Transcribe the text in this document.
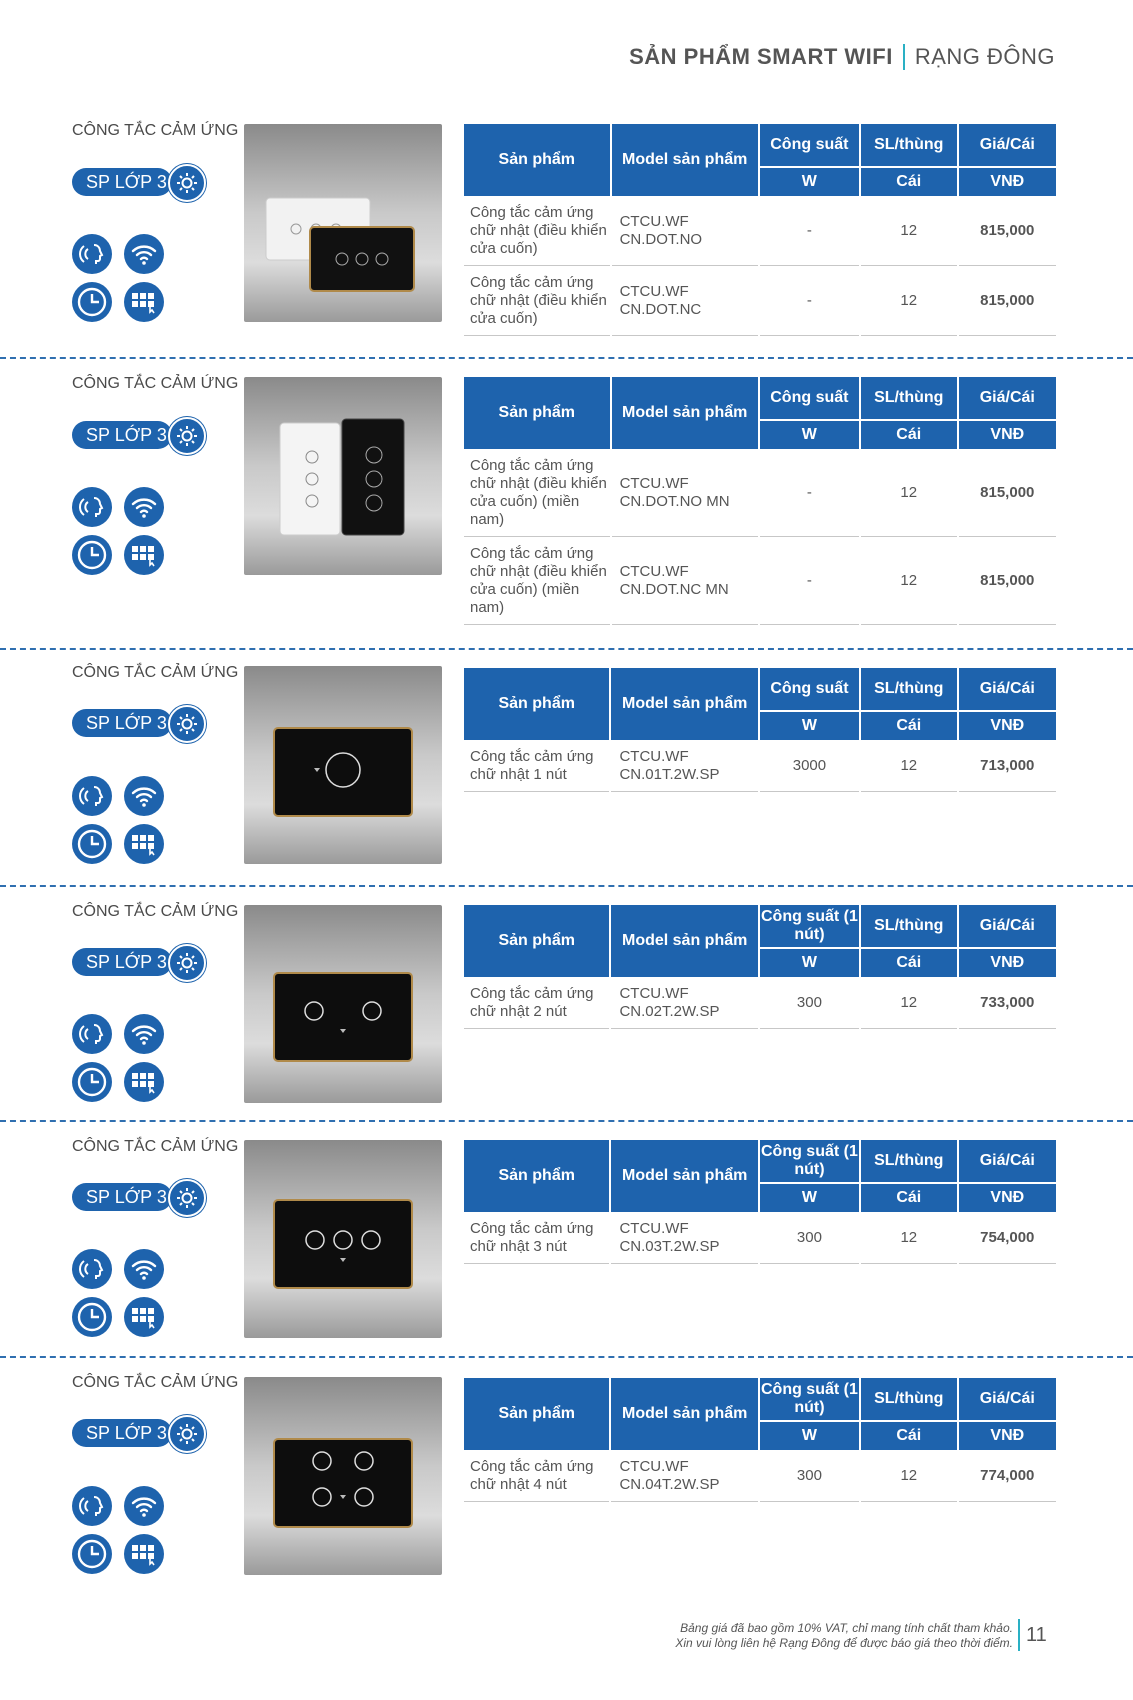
SẢN PHẨM SMART WIFI RẠNG ĐÔNG
CÔNG TẮC CẢM ỨNG
SP LỚP 3
Sản phẩm	Model sản phẩm	Công suất	SL/thùng	Giá/Cái
		W	Cái	VNĐ
Công tắc cảm ứng chữ nhật (điều khiển cửa cuốn)	CTCU.WF CN.DOT.NO	-	12	815,000
Công tắc cảm ứng chữ nhật (điều khiển cửa cuốn)	CTCU.WF CN.DOT.NC	-	12	815,000
CÔNG TẮC CẢM ỨNG
SP LỚP 3
Sản phẩm	Model sản phẩm	Công suất	SL/thùng	Giá/Cái
		W	Cái	VNĐ
Công tắc cảm ứng chữ nhật (điều khiển cửa cuốn) (miền nam)	CTCU.WF CN.DOT.NO MN	-	12	815,000
Công tắc cảm ứng chữ nhật (điều khiển cửa cuốn) (miền nam)	CTCU.WF CN.DOT.NC MN	-	12	815,000
CÔNG TẮC CẢM ỨNG
SP LỚP 3
Sản phẩm	Model sản phẩm	Công suất	SL/thùng	Giá/Cái
		W	Cái	VNĐ
Công tắc cảm ứng chữ nhật 1 nút	CTCU.WF CN.01T.2W.SP	3000	12	713,000
CÔNG TẮC CẢM ỨNG
SP LỚP 3
Sản phẩm	Model sản phẩm	Công suất (1 nút)	SL/thùng	Giá/Cái
		W	Cái	VNĐ
Công tắc cảm ứng chữ nhật 2 nút	CTCU.WF CN.02T.2W.SP	300	12	733,000
CÔNG TẮC CẢM ỨNG
SP LỚP 3
Sản phẩm	Model sản phẩm	Công suất (1 nút)	SL/thùng	Giá/Cái
		W	Cái	VNĐ
Công tắc cảm ứng chữ nhật 3 nút	CTCU.WF CN.03T.2W.SP	300	12	754,000
CÔNG TẮC CẢM ỨNG
SP LỚP 3
Sản phẩm	Model sản phẩm	Công suất (1 nút)	SL/thùng	Giá/Cái
		W	Cái	VNĐ
Công tắc cảm ứng chữ nhật 4 nút	CTCU.WF CN.04T.2W.SP	300	12	774,000
Bảng giá đã bao gồm 10% VAT, chỉ mang tính chất tham khảo.
Xin vui lòng liên hệ Rạng Đông để được báo giá theo thời điểm. 11
